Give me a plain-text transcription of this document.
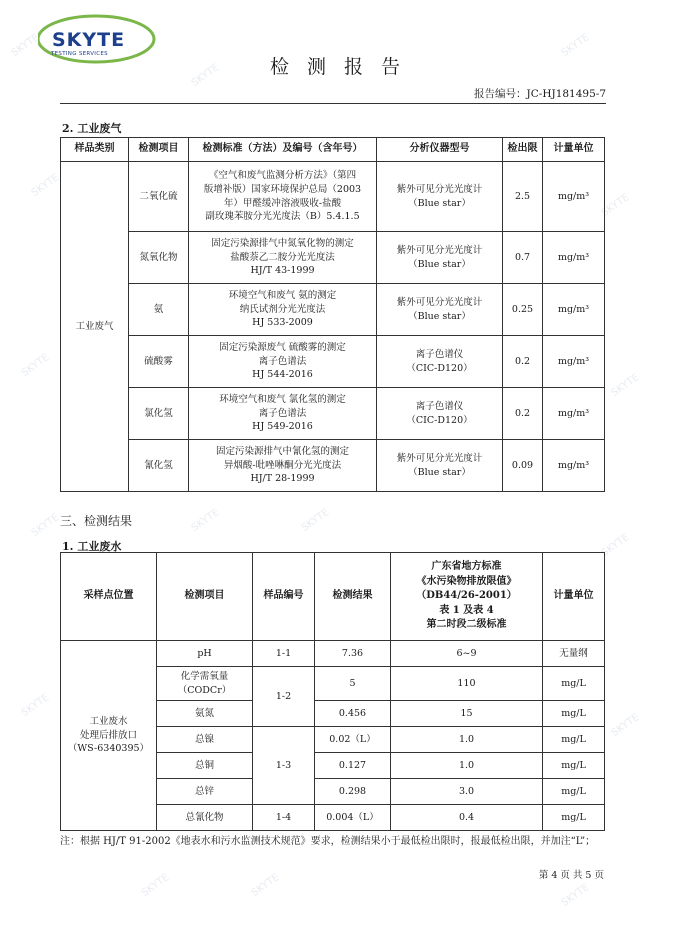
SKYTE
SKYTE
SKYTE
SKYTE
SKYTE
SKYTE
SKYTE
SKYTE	SKYTE	SKYTE
SKYTE
SKYTE
SKYTE
SKYTE	SKYTE	SKYTE
SKYTE
TESTING SERVICES
检 测 报 告
报告编号：JC-HJ181495-7
2. 工业废气
样品类别	检测项目	检测标准（方法）及编号（含年号）	分析仪器型号	检出限	计量单位
工业废气	二氧化硫	《空气和废气监测分析方法》（第四
版增补版）国家环境保护总局（2003
年）甲醛缓冲溶液吸收-盐酸
副玫瑰苯胺分光光度法（B）5.4.1.5	紫外可见分光光度计
（Blue star）	2.5	mg/m³
	氮氧化物	固定污染源排气中氮氧化物的测定
盐酸萘乙二胺分光光度法
HJ/T 43-1999	紫外可见分光光度计
（Blue star）	0.7	mg/m³
	氨	环境空气和废气 氨的测定
纳氏试剂分光光度法
HJ 533-2009	紫外可见分光光度计
（Blue star）	0.25	mg/m³
	硫酸雾	固定污染源废气 硫酸雾的测定
离子色谱法
HJ 544-2016	离子色谱仪
（CIC-D120）	0.2	mg/m³
	氯化氢	环境空气和废气 氯化氢的测定
离子色谱法
HJ 549-2016	离子色谱仪
（CIC-D120）	0.2	mg/m³
	氰化氢	固定污染源排气中氰化氢的测定
异烟酸-吡唑啉酮分光光度法
HJ/T 28-1999	紫外可见分光光度计
（Blue star）	0.09	mg/m³
三、检测结果
1. 工业废水
采样点位置	检测项目	样品编号	检测结果	广东省地方标准
《水污染物排放限值》
（DB44/26-2001）
表 1 及表 4
第二时段二级标准	计量单位
工业废水
处理后排放口
（WS-6340395）	pH	1-1	7.36	6~9	无量纲
	化学需氧量
（CODCr）	1-2	5	110	mg/L
	氨氮		0.456	15	mg/L
	总镍	1-3	0.02（L）	1.0	mg/L
	总铜		0.127	1.0	mg/L
	总锌		0.298	3.0	mg/L
	总氰化物	1-4	0.004（L）	0.4	mg/L
注：根据 HJ/T 91-2002《地表水和污水监测技术规范》要求，检测结果小于最低检出限时，报最低检出限，并加注“L”；
第 4 页 共 5 页
